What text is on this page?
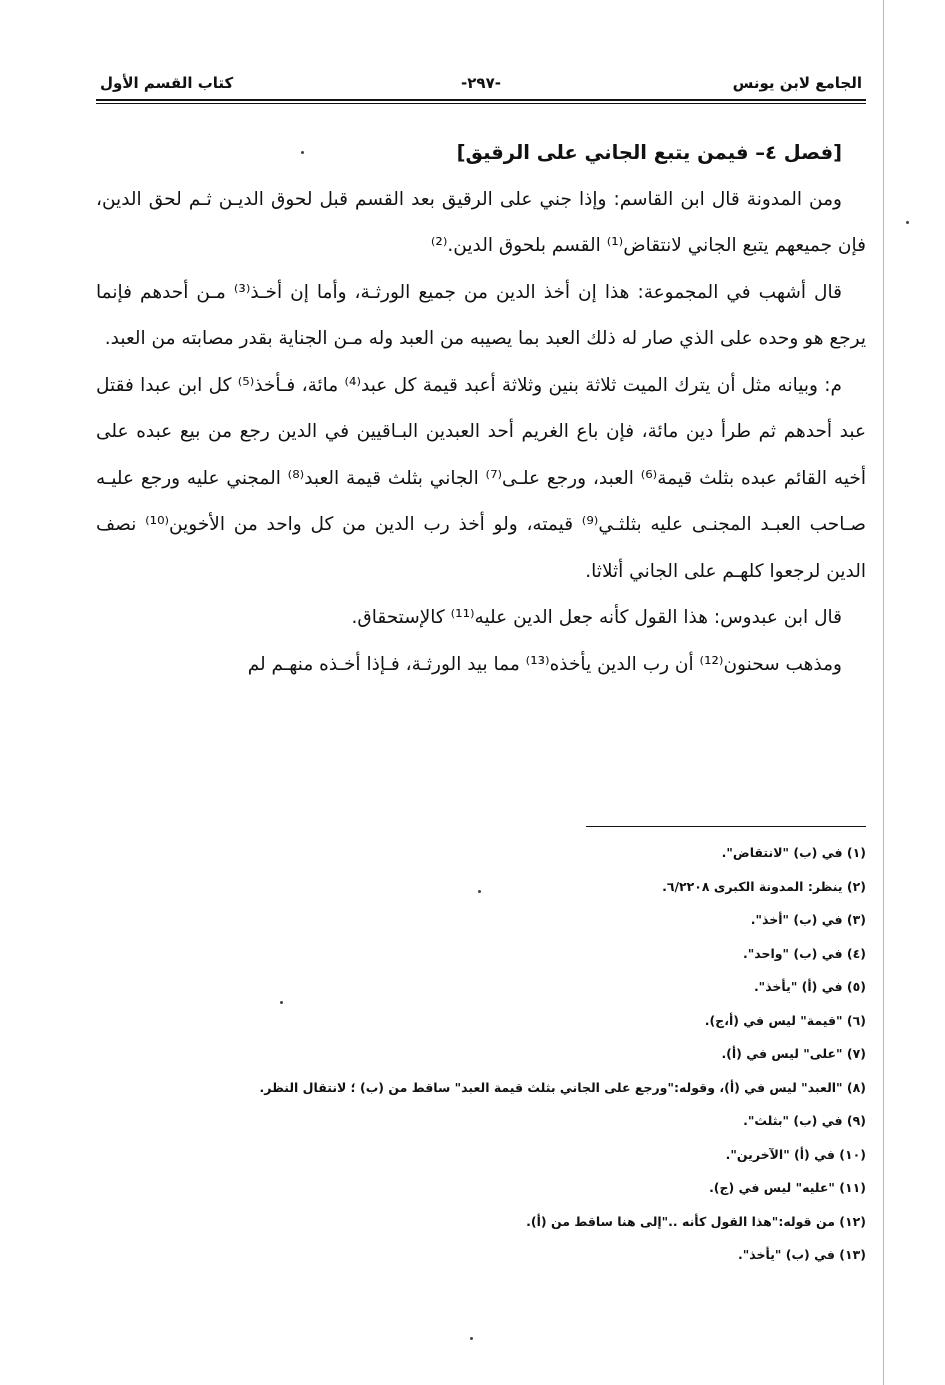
الجامع لابن يونس
-٢٩٧-
كتاب القسم الأول

[فصل ٤– فيمن يتبع الجاني على الرقيق]

ومن المدونة قال ابن القاسم: وإذا جني على الرقيق بعد القسم قبل لحوق الديـن ثـم لحق الدين، فإن جميعهم يتبع الجاني لانتقاض⁽¹⁾ القسم بلحوق الدين.⁽²⁾

قال أشهب في المجموعة: هذا إن أخذ الدين من جميع الورثـة، وأما إن أخـذ⁽³⁾ مـن أحدهم فإنما يرجع هو وحده على الذي صار له ذلك العبد بما يصيبه من العبد وله مـن الجناية بقدر مصابته من العبد.

م: وبيانه مثل أن يترك الميت ثلاثة بنين وثلاثة أعبد قيمة كل عبد⁽⁴⁾ مائة، فـأخذ⁽⁵⁾ كل ابن عبدا فقتل عبد أحدهم ثم طرأ دين مائة، فإن باع الغريم أحد العبدين البـاقيين في الدين رجع من بيع عبده على أخيه القائم عبده بثلث قيمة⁽⁶⁾ العبد، ورجع علـى⁽⁷⁾ الجاني بثلث قيمة العبد⁽⁸⁾ المجني عليه ورجع عليـه صـاحب العبـد المجنـى عليه بثلثـي⁽⁹⁾ قيمته، ولو أخذ رب الدين من كل واحد من الأخوين⁽¹⁰⁾ نصف الدين لرجعوا كلهـم على الجاني أثلاثا.

قال ابن عبدوس: هذا القول كأنه جعل الدين عليه⁽¹¹⁾ كالإستحقاق.

ومذهب سحنون⁽¹²⁾ أن رب الدين يأخذه⁽¹³⁾ مما بيد الورثـة، فـإذا أخـذه منهـم لم

(١) في (ب) "لانتقاض".
(٢) ينظر: المدونة الكبرى ٦/٢٢٠٨.
(٣) في (ب) "أخذ".
(٤) في (ب) "واحد".
(٥) في (أ) "يأخذ".
(٦) "قيمة" ليس في (أ،ج).
(٧) "على" ليس في (أ).
(٨) "العبد" ليس في (أ)، وقوله:"ورجع على الجاني بثلث قيمة العبد" ساقط من (ب) ؛ لانتقال النظر.
(٩) في (ب) "بثلث".
(١٠) في (أ) "الآخرين".
(١١) "عليه" ليس في (ج).
(١٢) من قوله:"هذا القول كأنه .."إلى هنا ساقط من (أ).
(١٣) في (ب) "يأخذ".
